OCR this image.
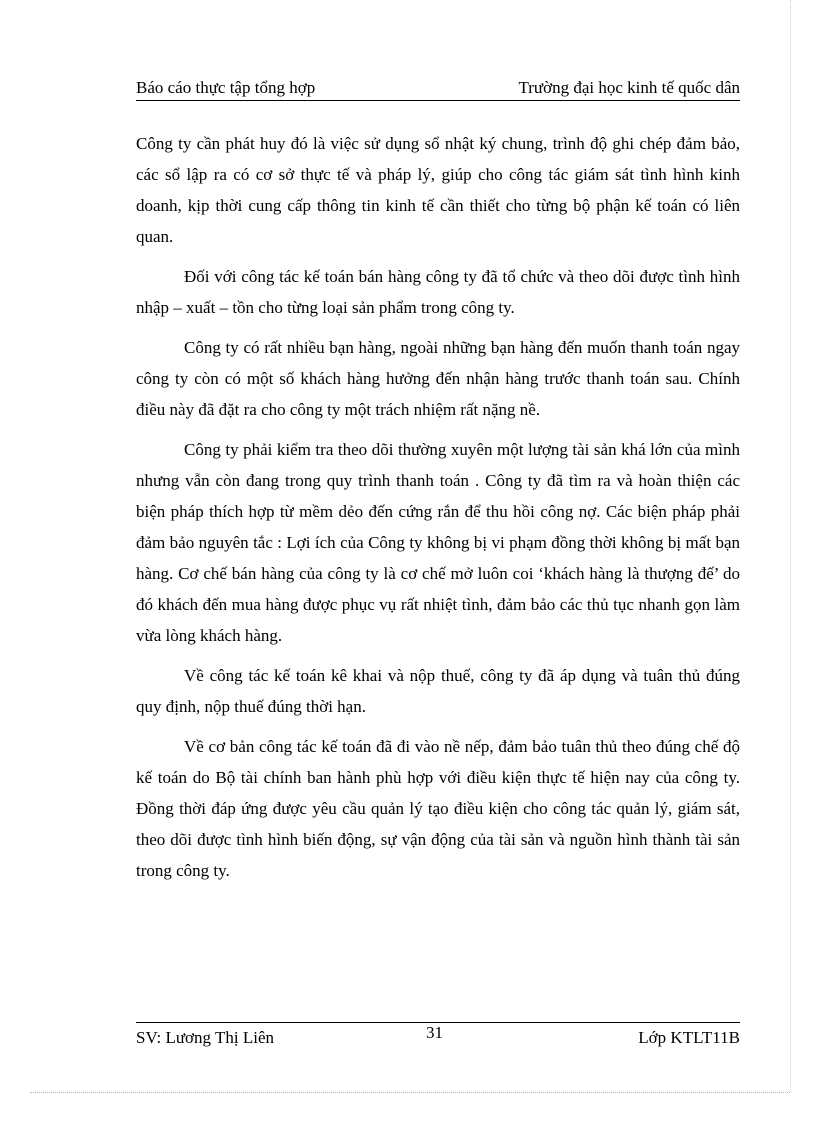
Báo cáo thực tập tổng hợp	Trường đại học kinh tế quốc dân

Công ty cần phát huy đó là việc sử dụng sổ nhật ký chung, trình độ ghi chép đảm bảo, các sổ lập ra có cơ sở thực tế và pháp lý, giúp cho công tác giám sát tình hình kinh doanh, kịp thời cung cấp thông tin kinh tế cần thiết cho từng bộ phận kế toán có liên quan.

Đối với công tác kế toán bán hàng công ty đã tổ chức và theo dõi được tình hình nhập – xuất – tồn cho từng loại sản phẩm trong công ty.

Công ty có rất nhiều bạn hàng, ngoài những bạn hàng đến muốn thanh toán ngay công ty còn có một số khách hàng hưởng đến nhận hàng trước thanh toán sau. Chính điều này đã đặt ra cho công ty một trách nhiệm rất nặng nề.

Công ty phải kiểm tra theo dõi thường xuyên một lượng tài sản khá lớn của mình nhưng vẫn còn đang trong quy trình thanh toán . Công ty đã tìm ra và hoàn thiện các biện pháp thích hợp từ mềm dẻo đến cứng rắn để thu hồi công nợ. Các biện pháp phải đảm bảo nguyên tắc : Lợi ích của Công ty không bị vi phạm đồng thời không bị mất bạn hàng. Cơ chế bán hàng của công ty là cơ chế mở luôn coi ‘khách hàng là thượng đế’ do đó khách đến mua hàng được phục vụ rất nhiệt tình, đảm bảo các thủ tục nhanh gọn làm vừa lòng khách hàng.

Về công tác kế toán kê khai và nộp thuế, công ty đã áp dụng và tuân thủ đúng quy định, nộp thuế đúng thời hạn.

Về cơ bản công tác kế toán đã đi vào nề nếp, đảm bảo tuân thủ theo đúng chế độ kế toán do Bộ tài chính ban hành phù hợp với điều kiện thực tế hiện nay của công ty. Đồng thời đáp ứng được yêu cầu quản lý tạo điều kiện cho công tác quản lý, giám sát, theo dõi được tình hình biến động, sự vận động của tài sản và nguồn hình thành tài sản trong công ty.

SV: Lương Thị Liên	31	Lớp KTLT11B
